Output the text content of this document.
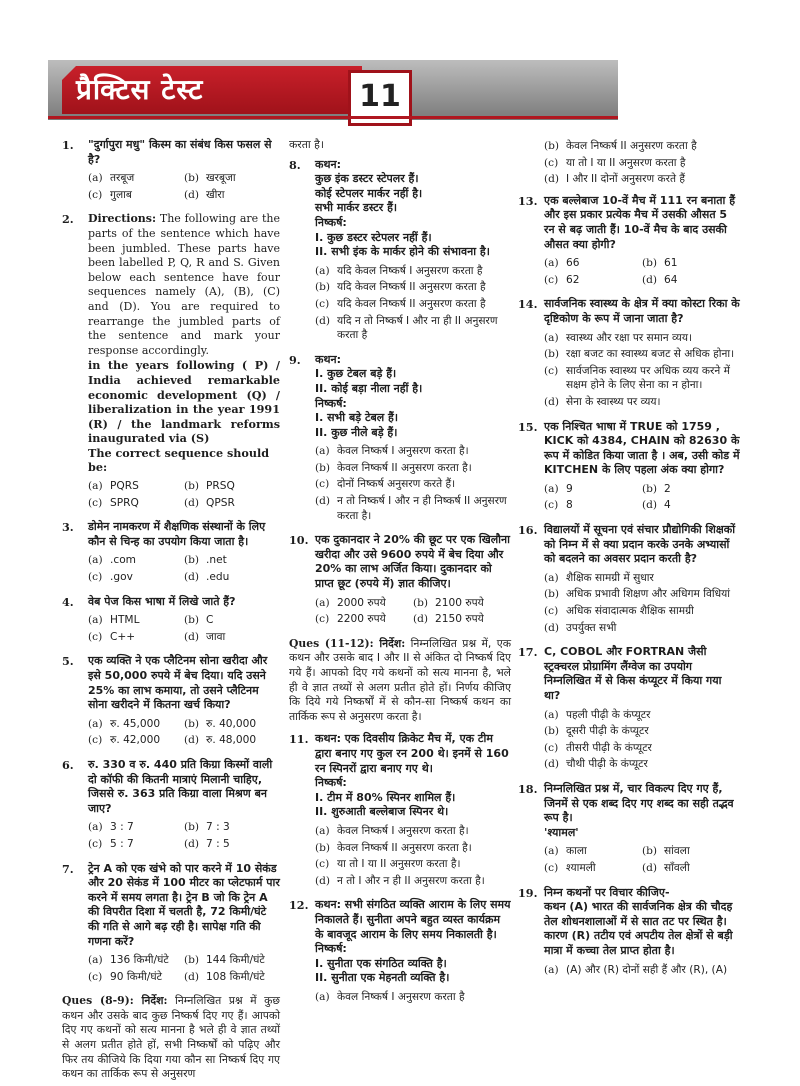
प्रैक्टिस टेस्ट	11
1. "दुर्गापुरा मधु" किस्म का संबंध किस फसल से है?
(a) तरबूज	(b) खरबूजा
(c) गुलाब	(d) खीरा
2. Directions: The following are the parts of the sentence which have been jumbled. These parts have been labelled P, Q, R and S. Given below each sentence have four sequences namely (A), (B), (C) and (D). You are required to rearrange the jumbled parts of the sentence and mark your response accordingly.
in the years following ( P) / India achieved remarkable economic development (Q) / liberalization in the year 1991 (R) / the landmark reforms inaugurated via (S)
The correct sequence should be:
(a) PQRS	(b) PRSQ
(c) SPRQ	(d) QPSR
3. डोमेन नामकरण में शैक्षणिक संस्थानों के लिए कौन से चिन्ह का उपयोग किया जाता है।
(a) .com	(b) .net
(c) .gov	(d) .edu
4. वेब पेज किस भाषा में लिखे जाते हैं?
(a) HTML	(b) C
(c) C++	(d) जावा
5. एक व्यक्ति ने एक प्लैटिनम सोना खरीदा और इसे 50,000 रुपये में बेच दिया। यदि उसने 25% का लाभ कमाया, तो उसने प्लैटिनम सोना खरीदने में कितना खर्च किया?
(a) रु. 45,000	(b) रु. 40,000
(c) रु. 42,000	(d) रु. 48,000
6. रु. 330 व रु. 440 प्रति किग्रा किस्मों वाली दो कॉफी की कितनी मात्राएं मिलानी चाहिए, जिससे रु. 363 प्रति किग्रा वाला मिश्रण बन जाए?
(a) 3 : 7	(b) 7 : 3
(c) 5 : 7	(d) 7 : 5
7. ट्रेन A को एक खंभे को पार करने में 10 सेकंड और 20 सेकंड में 100 मीटर का प्लेटफार्म पार करने में समय लगता है। ट्रेन B जो कि ट्रेन A की विपरीत दिशा में चलती है, 72 किमी/घंटे की गति से आगे बढ़ रही है। सापेक्ष गति की गणना करें?
(a) 136 किमी/घंटे	(b) 144 किमी/घंटे
(c) 90 किमी/घंटे	(d) 108 किमी/घंटे
Ques (8-9): निर्देश: निम्नलिखित प्रश्न में कुछ कथन और उसके बाद कुछ निष्कर्ष दिए गए हैं। आपको दिए गए कथनों को सत्य मानना है भले ही वे ज्ञात तथ्यों से अलग प्रतीत होते हों, सभी निष्कर्षों को पढ़िए और फिर तय कीजिये कि दिया गया कौन सा निष्कर्ष दिए गए कथन का तार्किक रूप से अनुसरण
करता है।
8. कथन:
कुछ इंक डस्टर स्टेपलर हैं।
कोई स्टेपलर मार्कर नहीं है।
सभी मार्कर डस्टर हैं।
निष्कर्ष:
I. कुछ डस्टर स्टेपलर नहीं हैं।
II. सभी इंक के मार्कर होने की संभावना है।
(a) यदि केवल निष्कर्ष I अनुसरण करता है
(b) यदि केवल निष्कर्ष II अनुसरण करता है
(c) यदि केवल निष्कर्ष II अनुसरण करता है
(d) यदि न तो निष्कर्ष I और ना ही II अनुसरण करता है
9. कथन:
I. कुछ टेबल बड़े हैं।
II. कोई बड़ा नीला नहीं है।
निष्कर्ष:
I. सभी बड़े टेबल हैं।
II. कुछ नीले बड़े हैं।
(a) केवल निष्कर्ष I अनुसरण करता है।
(b) केवल निष्कर्ष II अनुसरण करता है।
(c) दोनों निष्कर्ष अनुसरण करते हैं।
(d) न तो निष्कर्ष I और न ही निष्कर्ष II अनुसरण करता है।
10. एक दुकानदार ने 20% की छूट पर एक खिलौना खरीदा और उसे 9600 रुपये में बेच दिया और 20% का लाभ अर्जित किया। दुकानदार को प्राप्त छूट (रुपये में) ज्ञात कीजिए।
(a) 2000 रुपये	(b) 2100 रुपये
(c) 2200 रुपये	(d) 2150 रुपये
Ques (11-12): निर्देश: निम्नलिखित प्रश्न में, एक कथन और उसके बाद I और II से अंकित दो निष्कर्ष दिए गये हैं। आपको दिए गये कथनों को सत्य मानना है, भले ही वे ज्ञात तथ्यों से अलग प्रतीत होते हों। निर्णय कीजिए कि दिये गये निष्कर्षों में से कौन-सा निष्कर्ष कथन का तार्किक रूप से अनुसरण करता है।
11. कथन: एक दिवसीय क्रिकेट मैच में, एक टीम द्वारा बनाए गए कुल रन 200 थे। इनमें से 160 रन स्पिनरों द्वारा बनाए गए थे।
निष्कर्ष:
I. टीम में 80% स्पिनर शामिल हैं।
II. शुरुआती बल्लेबाज स्पिनर थे।
(a) केवल निष्कर्ष I अनुसरण करता है।
(b) केवल निष्कर्ष II अनुसरण करता है।
(c) या तो I या II अनुसरण करता है।
(d) न तो I और न ही II अनुसरण करता है।
12. कथन: सभी संगठित व्यक्ति आराम के लिए समय निकालते हैं। सुनीता अपने बहुत व्यस्त कार्यक्रम के बावजूद आराम के लिए समय निकालती है।
निष्कर्ष:
I. सुनीता एक संगठित व्यक्ति है।
II. सुनीता एक मेहनती व्यक्ति है।
(a) केवल निष्कर्ष I अनुसरण करता है
(b) केवल निष्कर्ष II अनुसरण करता है
(c) या तो I या II अनुसरण करता है
(d) I और II दोनों अनुसरण करते हैं
13. एक बल्लेबाज 10-वें मैच में 111 रन बनाता हैं और इस प्रकार प्रत्येक मैच में उसकी औसत 5 रन से बढ़ जाती हैं। 10-वें मैच के बाद उसकी औसत क्या होगी?
(a) 66	(b) 61
(c) 62	(d) 64
14. सार्वजनिक स्वास्थ्य के क्षेत्र में क्या कोस्टा रिका के दृष्टिकोण के रूप में जाना जाता है?
(a) स्वास्थ्य और रक्षा पर समान व्यय।
(b) रक्षा बजट का स्वास्थ्य बजट से अधिक होना।
(c) सार्वजनिक स्वास्थ्य पर अधिक व्यय करने में सक्षम होने के लिए सेना का न होना।
(d) सेना के स्वास्थ्य पर व्यय।
15. एक निश्चित भाषा में TRUE को 1759 , KICK को 4384, CHAIN को 82630 के रूप में कोडित किया जाता है । अब, उसी कोड में KITCHEN के लिए पहला अंक क्या होगा?
(a) 9	(b) 2
(c) 8	(d) 4
16. विद्यालयों में सूचना एवं संचार प्रौद्योगिकी शिक्षकों को निम्न में से क्या प्रदान करके उनके अभ्यासों को बदलने का अवसर प्रदान करती है?
(a) शैक्षिक सामग्री में सुधार
(b) अधिक प्रभावी शिक्षण और अधिगम विधियां
(c) अधिक संवादात्मक शैक्षिक सामग्री
(d) उपर्युक्त सभी
17. C, COBOL और FORTRAN जैसी स्ट्रक्चरल प्रोग्रामिंग लैंग्वेज का उपयोग निम्नलिखित में से किस कंप्यूटर में किया गया था?
(a) पहली पीढ़ी के कंप्यूटर
(b) दूसरी पीढ़ी के कंप्यूटर
(c) तीसरी पीढ़ी के कंप्यूटर
(d) चौथी पीढ़ी के कंप्यूटर
18. निम्नलिखित प्रश्न में, चार विकल्प दिए गए हैं, जिनमें से एक शब्द दिए गए शब्द का सही तद्भव रूप है।
'श्यामल'
(a) काला	(b) सांवला
(c) श्यामली	(d) साँवली
19. निम्न कथनों पर विचार कीजिए-
कथन (A) भारत की सार्वजनिक क्षेत्र की चौदह तेल शोधनशालाओं में से सात तट पर स्थित है।
कारण (R) तटीय एवं अपटीय तेल क्षेत्रों से बड़ी मात्रा में कच्चा तेल प्राप्त होता है।
(a) (A) और (R) दोनों सही हैं और (R), (A)
